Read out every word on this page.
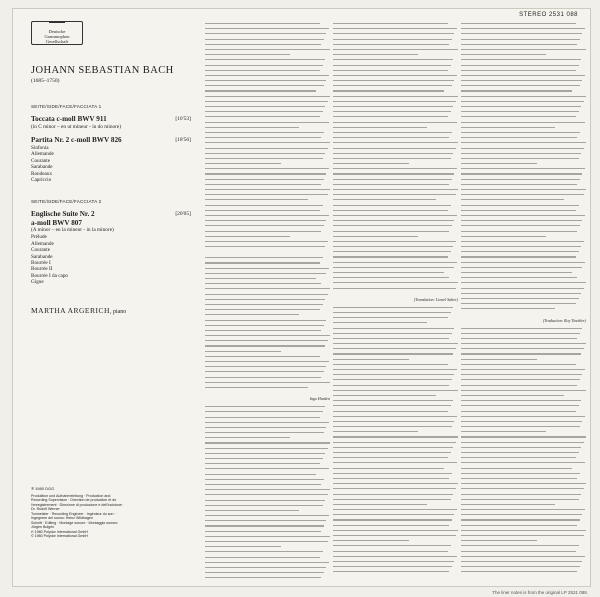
Deutsche
Grammophon
Gesellschaft
STEREO 2531 088
JOHANN SEBASTIAN BACH
(1685–1750)
SEITE/SIDE/FACE/FACCIATA 1
Toccata c-moll BWV 911	[10'53]
(in C minor – en ut mineur - in do minore)
Partita Nr. 2 c-moll BWV 826	[18'56]
Sinfonia
Allemande
Courante
Sarabande
Rondeaux
Capriccio
SEITE/SIDE/FACE/FACCIATA 2
Englische Suite Nr. 2
a-moll BWV 807
[20'05]
(A minor – en la mineur - in la minore)
Prélude
Allemande
Courante
Sarabande
Bourrée I
Bourrée II
Bourrée I da capo
Gigue
MARTHA ARGERICH, piano
℗ 1980 DGG
Produktion und Aufnahmeleitung · Production and
Recording Supervision · Direction de production et de
l'enregistrement · Direzione di produzione e dell'incisione:
Dr. Rudolf Werner
Tonmeister · Recording Engineer · Ingénieur du son ·
Ingegnere del suono: Heinz Wildhagen
Schnitt · Editing · Montage sonore · Montaggio sonoro:
Jürgen Bulgrin
℗ 1980 Polydor International GmbH
© 1980 Polydor International GmbH
Ingo Harden
(Translation: Lionel Salter)
(Traduction: Roy Tinchler)
The liner notes is from the original LP 2531 088.
